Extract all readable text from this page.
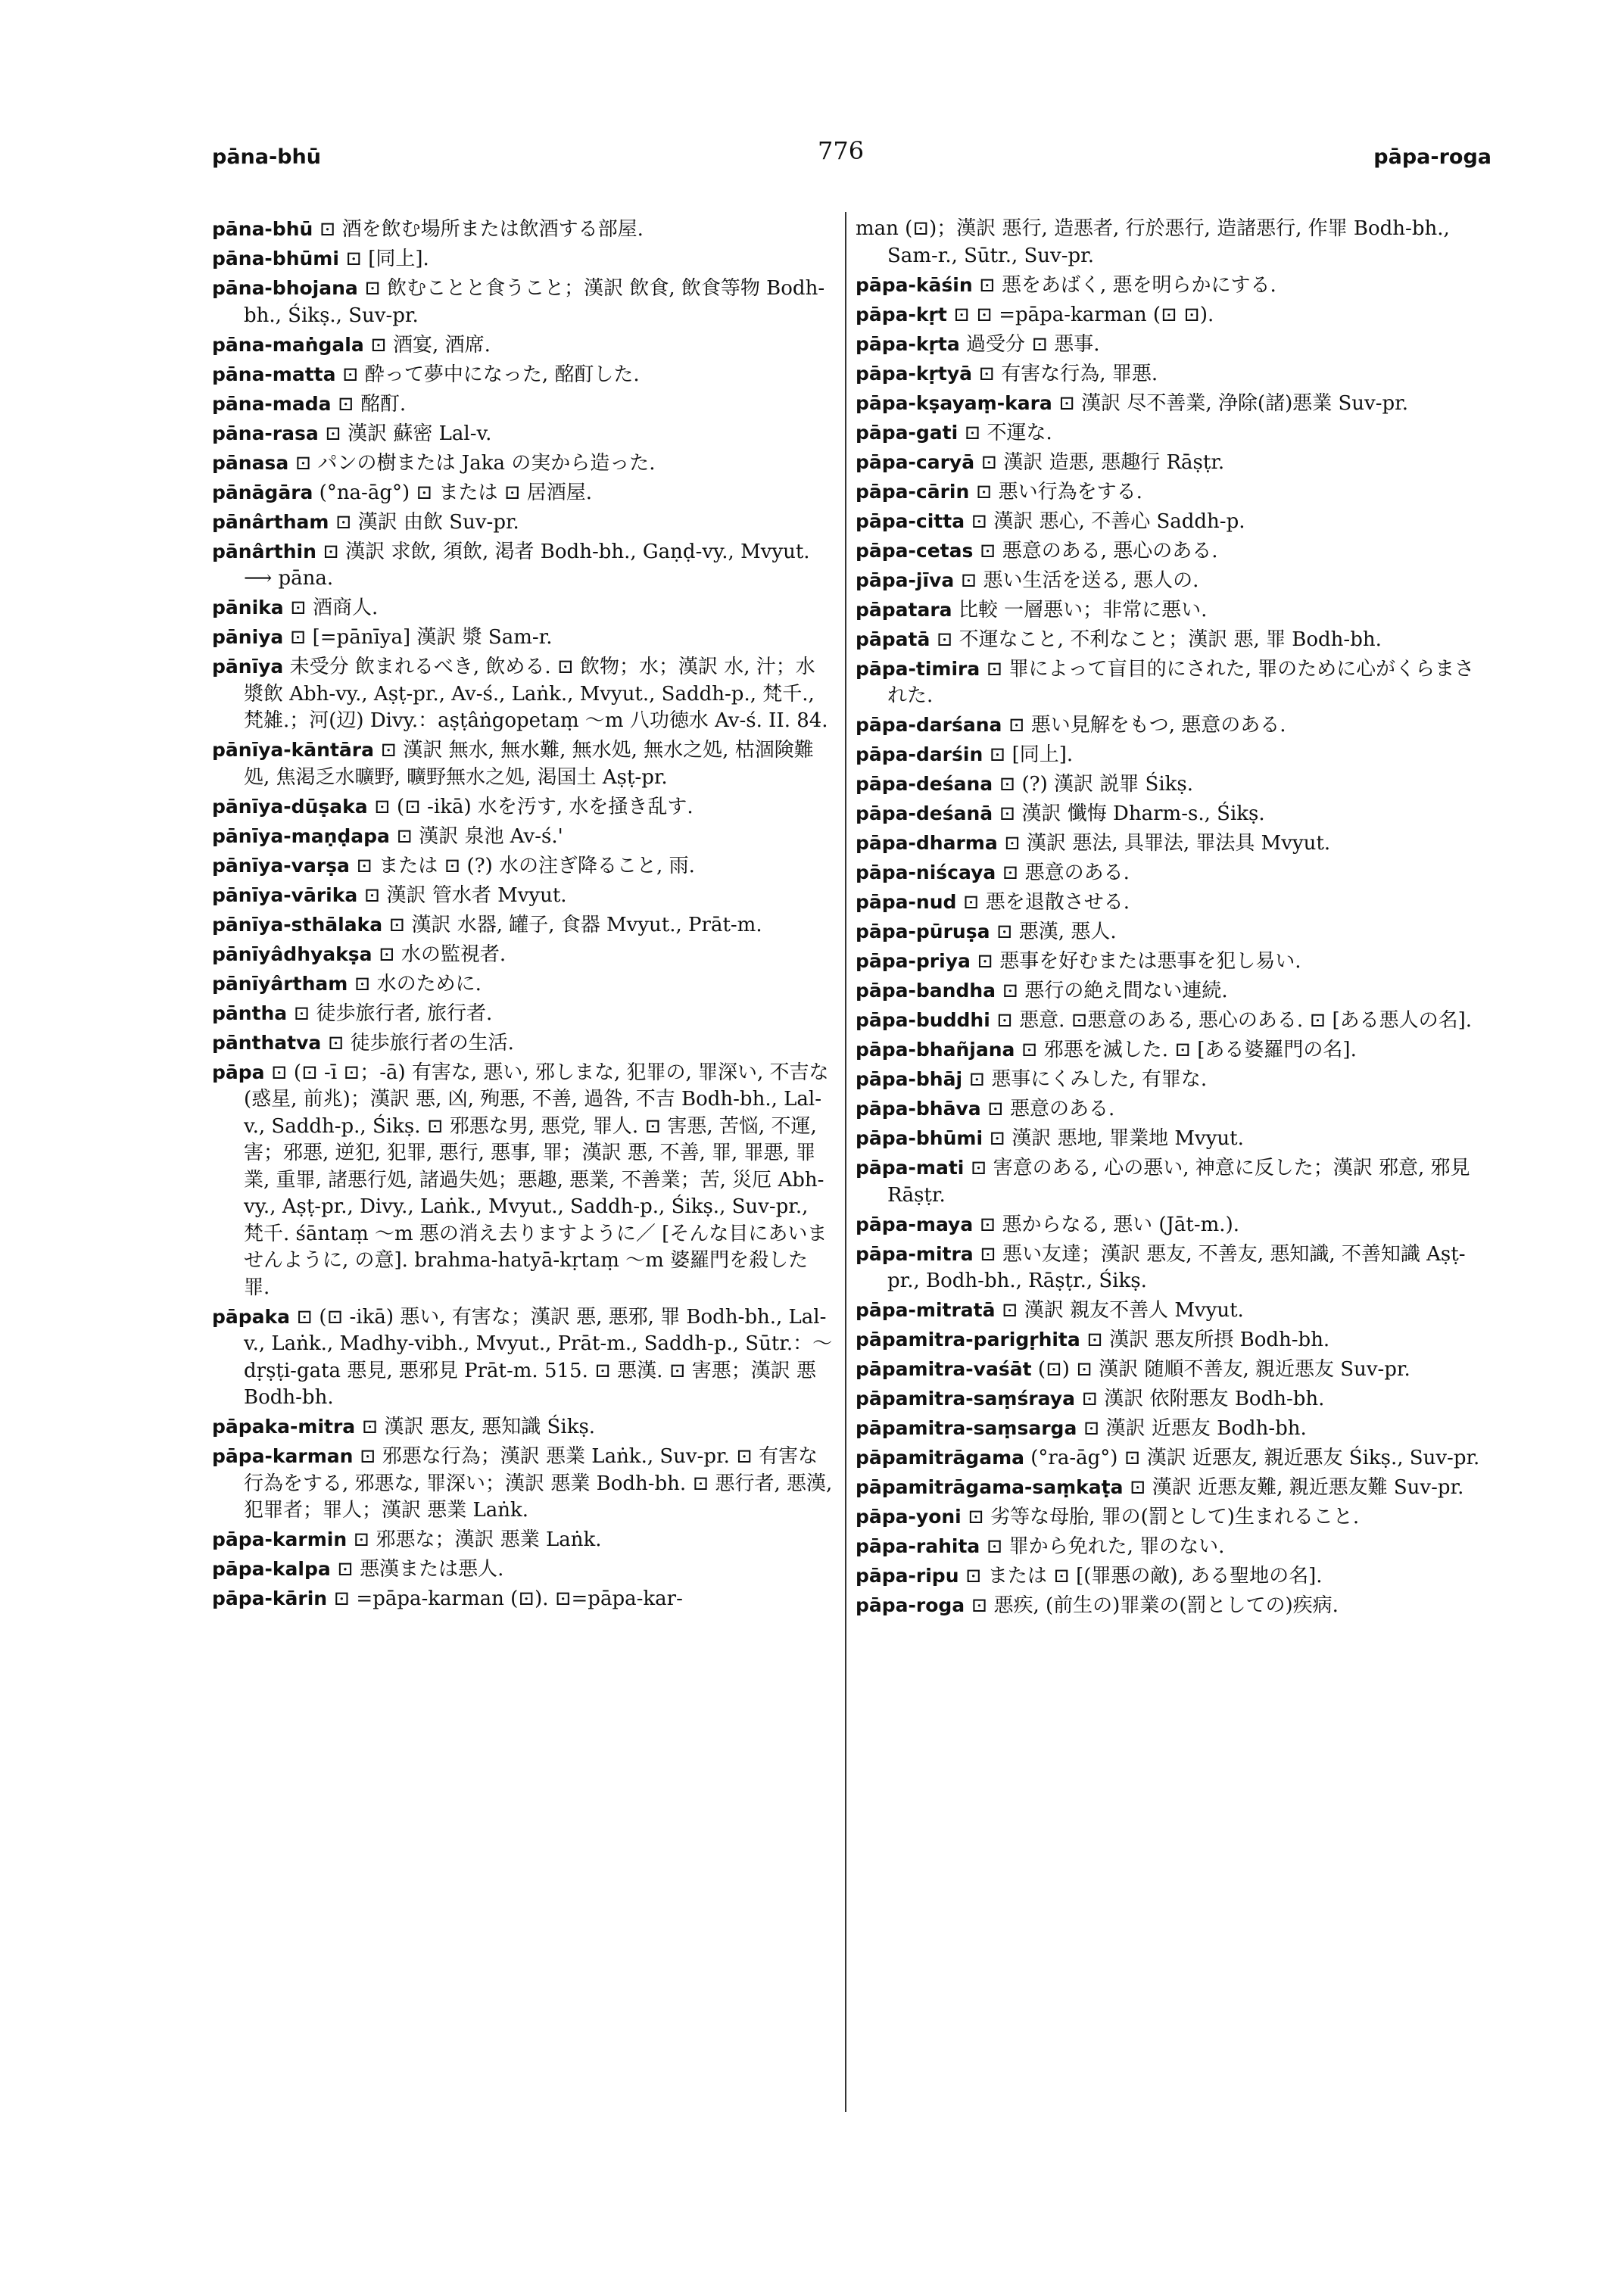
pāna-bhū	776	pāpa-roga

pāna-bhū ⊡ 酒を飲む場所または飲酒する部屋.

pāna-bhūmi ⊡ [同上].

pāna-bhojana ⊡ 飲むことと食うこと；漢訳 飲食, 飲食等物 Bodh-bh., Śikṣ., Suv-pr.

pāna-maṅgala ⊡ 酒宴, 酒席.

pāna-matta ⊡ 酔って夢中になった, 酩酊した.

pāna-mada ⊡ 酩酊.

pāna-rasa ⊡ 漢訳 蘇密 Lal-v.

pānasa ⊡ パンの樹または Jaka の実から造った.

pānāgāra (°na-āg°) ⊡ または ⊡ 居酒屋.

pānârtham ⊡ 漢訳 由飲 Suv-pr.

pānârthin ⊡ 漢訳 求飲, 須飲, 渇者 Bodh-bh., Gaṇḍ-vy., Mvyut. ⟶ pāna.

pānika ⊡ 酒商人.

pāniya ⊡ [=pānīya] 漢訳 漿 Sam-r.

pānīya 未受分 飲まれるべき, 飲める. ⊡ 飲物；水；漢訳 水, 汁；水漿飲 Abh-vy., Aṣṭ-pr., Av-ś., Laṅk., Mvyut., Saddh-p., 梵千., 梵雑.；河(辺) Divy.：aṣṭâṅgopetaṃ ～m 八功徳水 Av-ś. II. 84.

pānīya-kāntāra ⊡ 漢訳 無水, 無水難, 無水処, 無水之処, 枯涸険難処, 焦渇乏水曠野, 曠野無水之処, 渇国土 Aṣṭ-pr.

pānīya-dūṣaka ⊡ (⊡ -ikā) 水を汚す, 水を掻き乱す.

pānīya-maṇḍapa ⊡ 漢訳 泉池 Av-ś.'

pānīya-varṣa ⊡ または ⊡ (?) 水の注ぎ降ること, 雨.

pānīya-vārika ⊡ 漢訳 管水者 Mvyut.

pānīya-sthālaka ⊡ 漢訳 水器, 罐子, 食器 Mvyut., Prāt-m.

pānīyâdhyakṣa ⊡ 水の監視者.

pānīyârtham ⊡ 水のために.

pāntha ⊡ 徒歩旅行者, 旅行者.

pānthatva ⊡ 徒歩旅行者の生活.

pāpa ⊡ (⊡ -ī ⊡；-ā) 有害な, 悪い, 邪しまな, 犯罪の, 罪深い, 不吉な(惑星, 前兆)；漢訳 悪, 凶, 殉悪, 不善, 過咎, 不吉 Bodh-bh., Lal-v., Saddh-p., Śikṣ. ⊡ 邪悪な男, 悪党, 罪人. ⊡ 害悪, 苦悩, 不運, 害；邪悪, 逆犯, 犯罪, 悪行, 悪事, 罪；漢訳 悪, 不善, 罪, 罪悪, 罪業, 重罪, 諸悪行処, 諸過失処；悪趣, 悪業, 不善業；苦, 災厄 Abh-vy., Aṣṭ-pr., Divy., Laṅk., Mvyut., Saddh-p., Śikṣ., Suv-pr., 梵千. śāntaṃ ～m 悪の消え去りますように／ [そんな目にあいませんように, の意]. brahma-hatyā-kṛtaṃ ～m 婆羅門を殺した罪.

pāpaka ⊡ (⊡ -ikā) 悪い, 有害な；漢訳 悪, 悪邪, 罪 Bodh-bh., Lal-v., Laṅk., Madhy-vibh., Mvyut., Prāt-m., Saddh-p., Sūtr.：～dṛṣṭi-gata 悪見, 悪邪見 Prāt-m. 515. ⊡ 悪漢. ⊡ 害悪；漢訳 悪 Bodh-bh.

pāpaka-mitra ⊡ 漢訳 悪友, 悪知識 Śikṣ.

pāpa-karman ⊡ 邪悪な行為；漢訳 悪業 Laṅk., Suv-pr. ⊡ 有害な行為をする, 邪悪な, 罪深い；漢訳 悪業 Bodh-bh. ⊡ 悪行者, 悪漢, 犯罪者；罪人；漢訳 悪業 Laṅk.

pāpa-karmin ⊡ 邪悪な；漢訳 悪業 Laṅk.

pāpa-kalpa ⊡ 悪漢または悪人.

pāpa-kārin ⊡ =pāpa-karman (⊡). ⊡=pāpa-kar-

man (⊡)；漢訳 悪行, 造悪者, 行於悪行, 造諸悪行, 作罪 Bodh-bh., Sam-r., Sūtr., Suv-pr.

pāpa-kāśin ⊡ 悪をあばく, 悪を明らかにする.

pāpa-kṛt ⊡ ⊡ =pāpa-karman (⊡ ⊡).

pāpa-kṛta 過受分 ⊡ 悪事.

pāpa-kṛtyā ⊡ 有害な行為, 罪悪.

pāpa-kṣayaṃ-kara ⊡ 漢訳 尽不善業, 浄除(諸)悪業 Suv-pr.

pāpa-gati ⊡ 不運な.

pāpa-caryā ⊡ 漢訳 造悪, 悪趣行 Rāṣṭr.

pāpa-cārin ⊡ 悪い行為をする.

pāpa-citta ⊡ 漢訳 悪心, 不善心 Saddh-p.

pāpa-cetas ⊡ 悪意のある, 悪心のある.

pāpa-jīva ⊡ 悪い生活を送る, 悪人の.

pāpatara 比較 一層悪い；非常に悪い.

pāpatā ⊡ 不運なこと, 不利なこと；漢訳 悪, 罪 Bodh-bh.

pāpa-timira ⊡ 罪によって盲目的にされた, 罪のために心がくらまされた.

pāpa-darśana ⊡ 悪い見解をもつ, 悪意のある.

pāpa-darśin ⊡ [同上].

pāpa-deśana ⊡ (?) 漢訳 説罪 Śikṣ.

pāpa-deśanā ⊡ 漢訳 懺悔 Dharm-s., Śikṣ.

pāpa-dharma ⊡ 漢訳 悪法, 具罪法, 罪法具 Mvyut.

pāpa-niścaya ⊡ 悪意のある.

pāpa-nud ⊡ 悪を退散させる.

pāpa-pūruṣa ⊡ 悪漢, 悪人.

pāpa-priya ⊡ 悪事を好むまたは悪事を犯し易い.

pāpa-bandha ⊡ 悪行の絶え間ない連続.

pāpa-buddhi ⊡ 悪意. ⊡悪意のある, 悪心のある. ⊡ [ある悪人の名].

pāpa-bhañjana ⊡ 邪悪を滅した. ⊡ [ある婆羅門の名].

pāpa-bhāj ⊡ 悪事にくみした, 有罪な.

pāpa-bhāva ⊡ 悪意のある.

pāpa-bhūmi ⊡ 漢訳 悪地, 罪業地 Mvyut.

pāpa-mati ⊡ 害意のある, 心の悪い, 神意に反した；漢訳 邪意, 邪見 Rāṣṭr.

pāpa-maya ⊡ 悪からなる, 悪い (Jāt-m.).

pāpa-mitra ⊡ 悪い友達；漢訳 悪友, 不善友, 悪知識, 不善知識 Aṣṭ-pr., Bodh-bh., Rāṣṭr., Śikṣ.

pāpa-mitratā ⊡ 漢訳 親友不善人 Mvyut.

pāpamitra-parigṛhita ⊡ 漢訳 悪友所摂 Bodh-bh.

pāpamitra-vaśāt (⊡) ⊡ 漢訳 随順不善友, 親近悪友 Suv-pr.

pāpamitra-saṃśraya ⊡ 漢訳 依附悪友 Bodh-bh.

pāpamitra-saṃsarga ⊡ 漢訳 近悪友 Bodh-bh.

pāpamitrāgama (°ra-āg°) ⊡ 漢訳 近悪友, 親近悪友 Śikṣ., Suv-pr.

pāpamitrāgama-saṃkaṭa ⊡ 漢訳 近悪友難, 親近悪友難 Suv-pr.

pāpa-yoni ⊡ 劣等な母胎, 罪の(罰として)生まれること.

pāpa-rahita ⊡ 罪から免れた, 罪のない.

pāpa-ripu ⊡ または ⊡ [(罪悪の敵), ある聖地の名].

pāpa-roga ⊡ 悪疾, (前生の)罪業の(罰としての)疾病.
